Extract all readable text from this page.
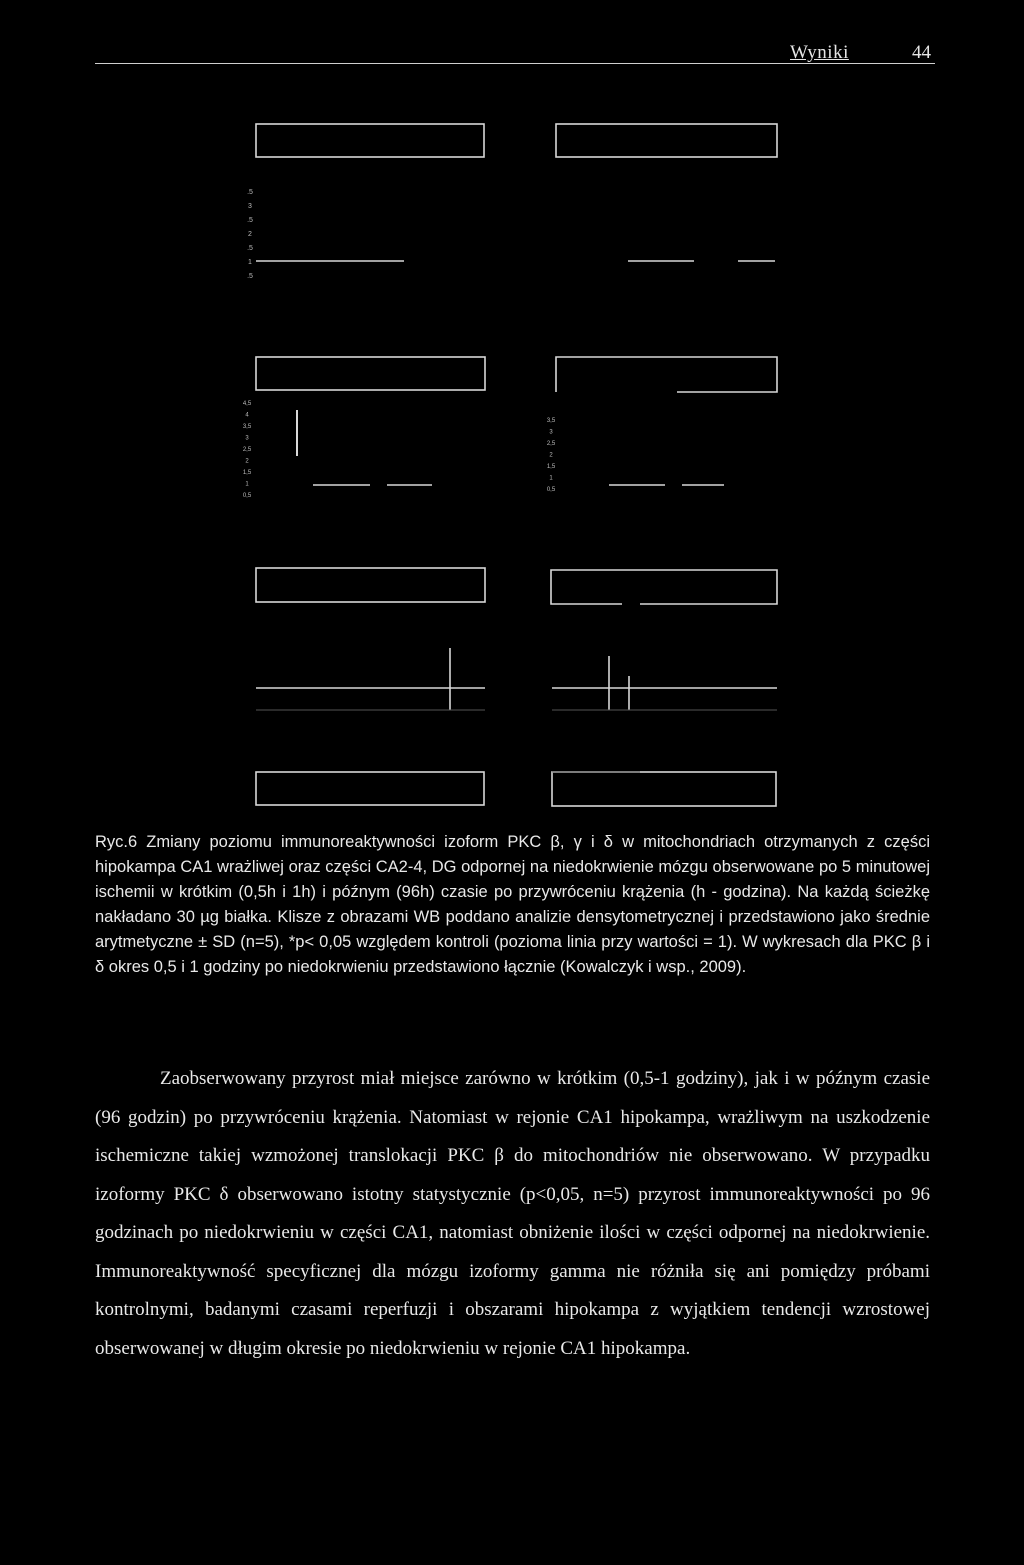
Wyniki	44
.5
3
.5
2
.5
1
.5
4,5
4
3,5
3
2,5
2
1,5
1
0,5
3,5
3
2,5
2
1,5
1
0,5
Ryc.6 Zmiany poziomu immunoreaktywności izoform PKC β, γ i δ w mitochondriach otrzymanych z części hipokampa CA1 wrażliwej oraz części CA2-4, DG odpornej na niedokrwienie mózgu obserwowane po 5 minutowej ischemii w krótkim (0,5h i 1h) i późnym (96h) czasie po przywróceniu krążenia (h - godzina). Na każdą ścieżkę nakładano 30 µg białka. Klisze z obrazami WB poddano analizie densytometrycznej i przedstawiono jako średnie arytmetyczne ± SD (n=5), *p< 0,05 względem kontroli (pozioma linia przy wartości = 1). W wykresach dla PKC β i δ okres 0,5 i 1 godziny po niedokrwieniu przedstawiono łącznie (Kowalczyk i wsp., 2009).

Zaobserwowany przyrost miał miejsce zarówno w krótkim (0,5-1 godziny), jak i w późnym czasie (96 godzin) po przywróceniu krążenia. Natomiast w rejonie CA1 hipokampa, wrażliwym na uszkodzenie ischemiczne takiej wzmożonej translokacji PKC β do mitochondriów nie obserwowano. W przypadku izoformy PKC δ obserwowano istotny statystycznie (p<0,05, n=5) przyrost immunoreaktywności po 96 godzinach po niedokrwieniu w części CA1, natomiast obniżenie ilości w części odpornej na niedokrwienie. Immunoreaktywność specyficznej dla mózgu izoformy gamma nie różniła się ani pomiędzy próbami kontrolnymi, badanymi czasami reperfuzji i obszarami hipokampa z wyjątkiem tendencji wzrostowej obserwowanej w długim okresie po niedokrwieniu w rejonie CA1 hipokampa.
